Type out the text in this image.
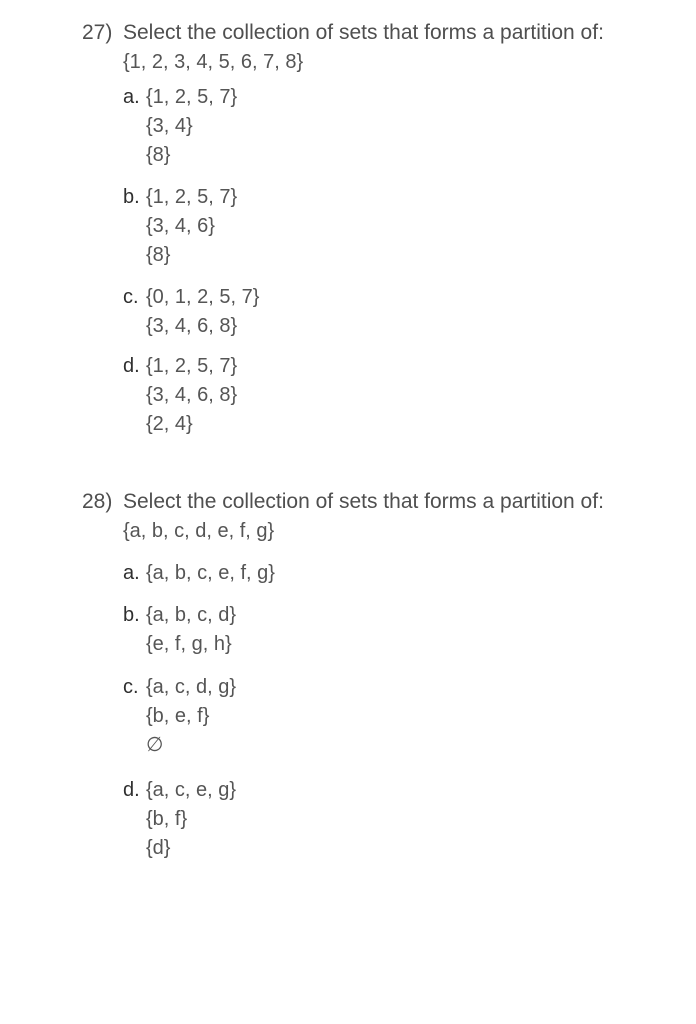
27) Select the collection of sets that forms a partition of:
{1, 2, 3, 4, 5, 6, 7, 8}
a. {1, 2, 5, 7}
{3, 4}
{8}
b. {1, 2, 5, 7}
{3, 4, 6}
{8}
c. {0, 1, 2, 5, 7}
{3, 4, 6, 8}
d. {1, 2, 5, 7}
{3, 4, 6, 8}
{2, 4}
28) Select the collection of sets that forms a partition of:
{a, b, c, d, e, f, g}
a. {a, b, c, e, f, g}
b. {a, b, c, d}
{e, f, g, h}
c. {a, c, d, g}
{b, e, f}
∅
d. {a, c, e, g}
{b, f}
{d}
